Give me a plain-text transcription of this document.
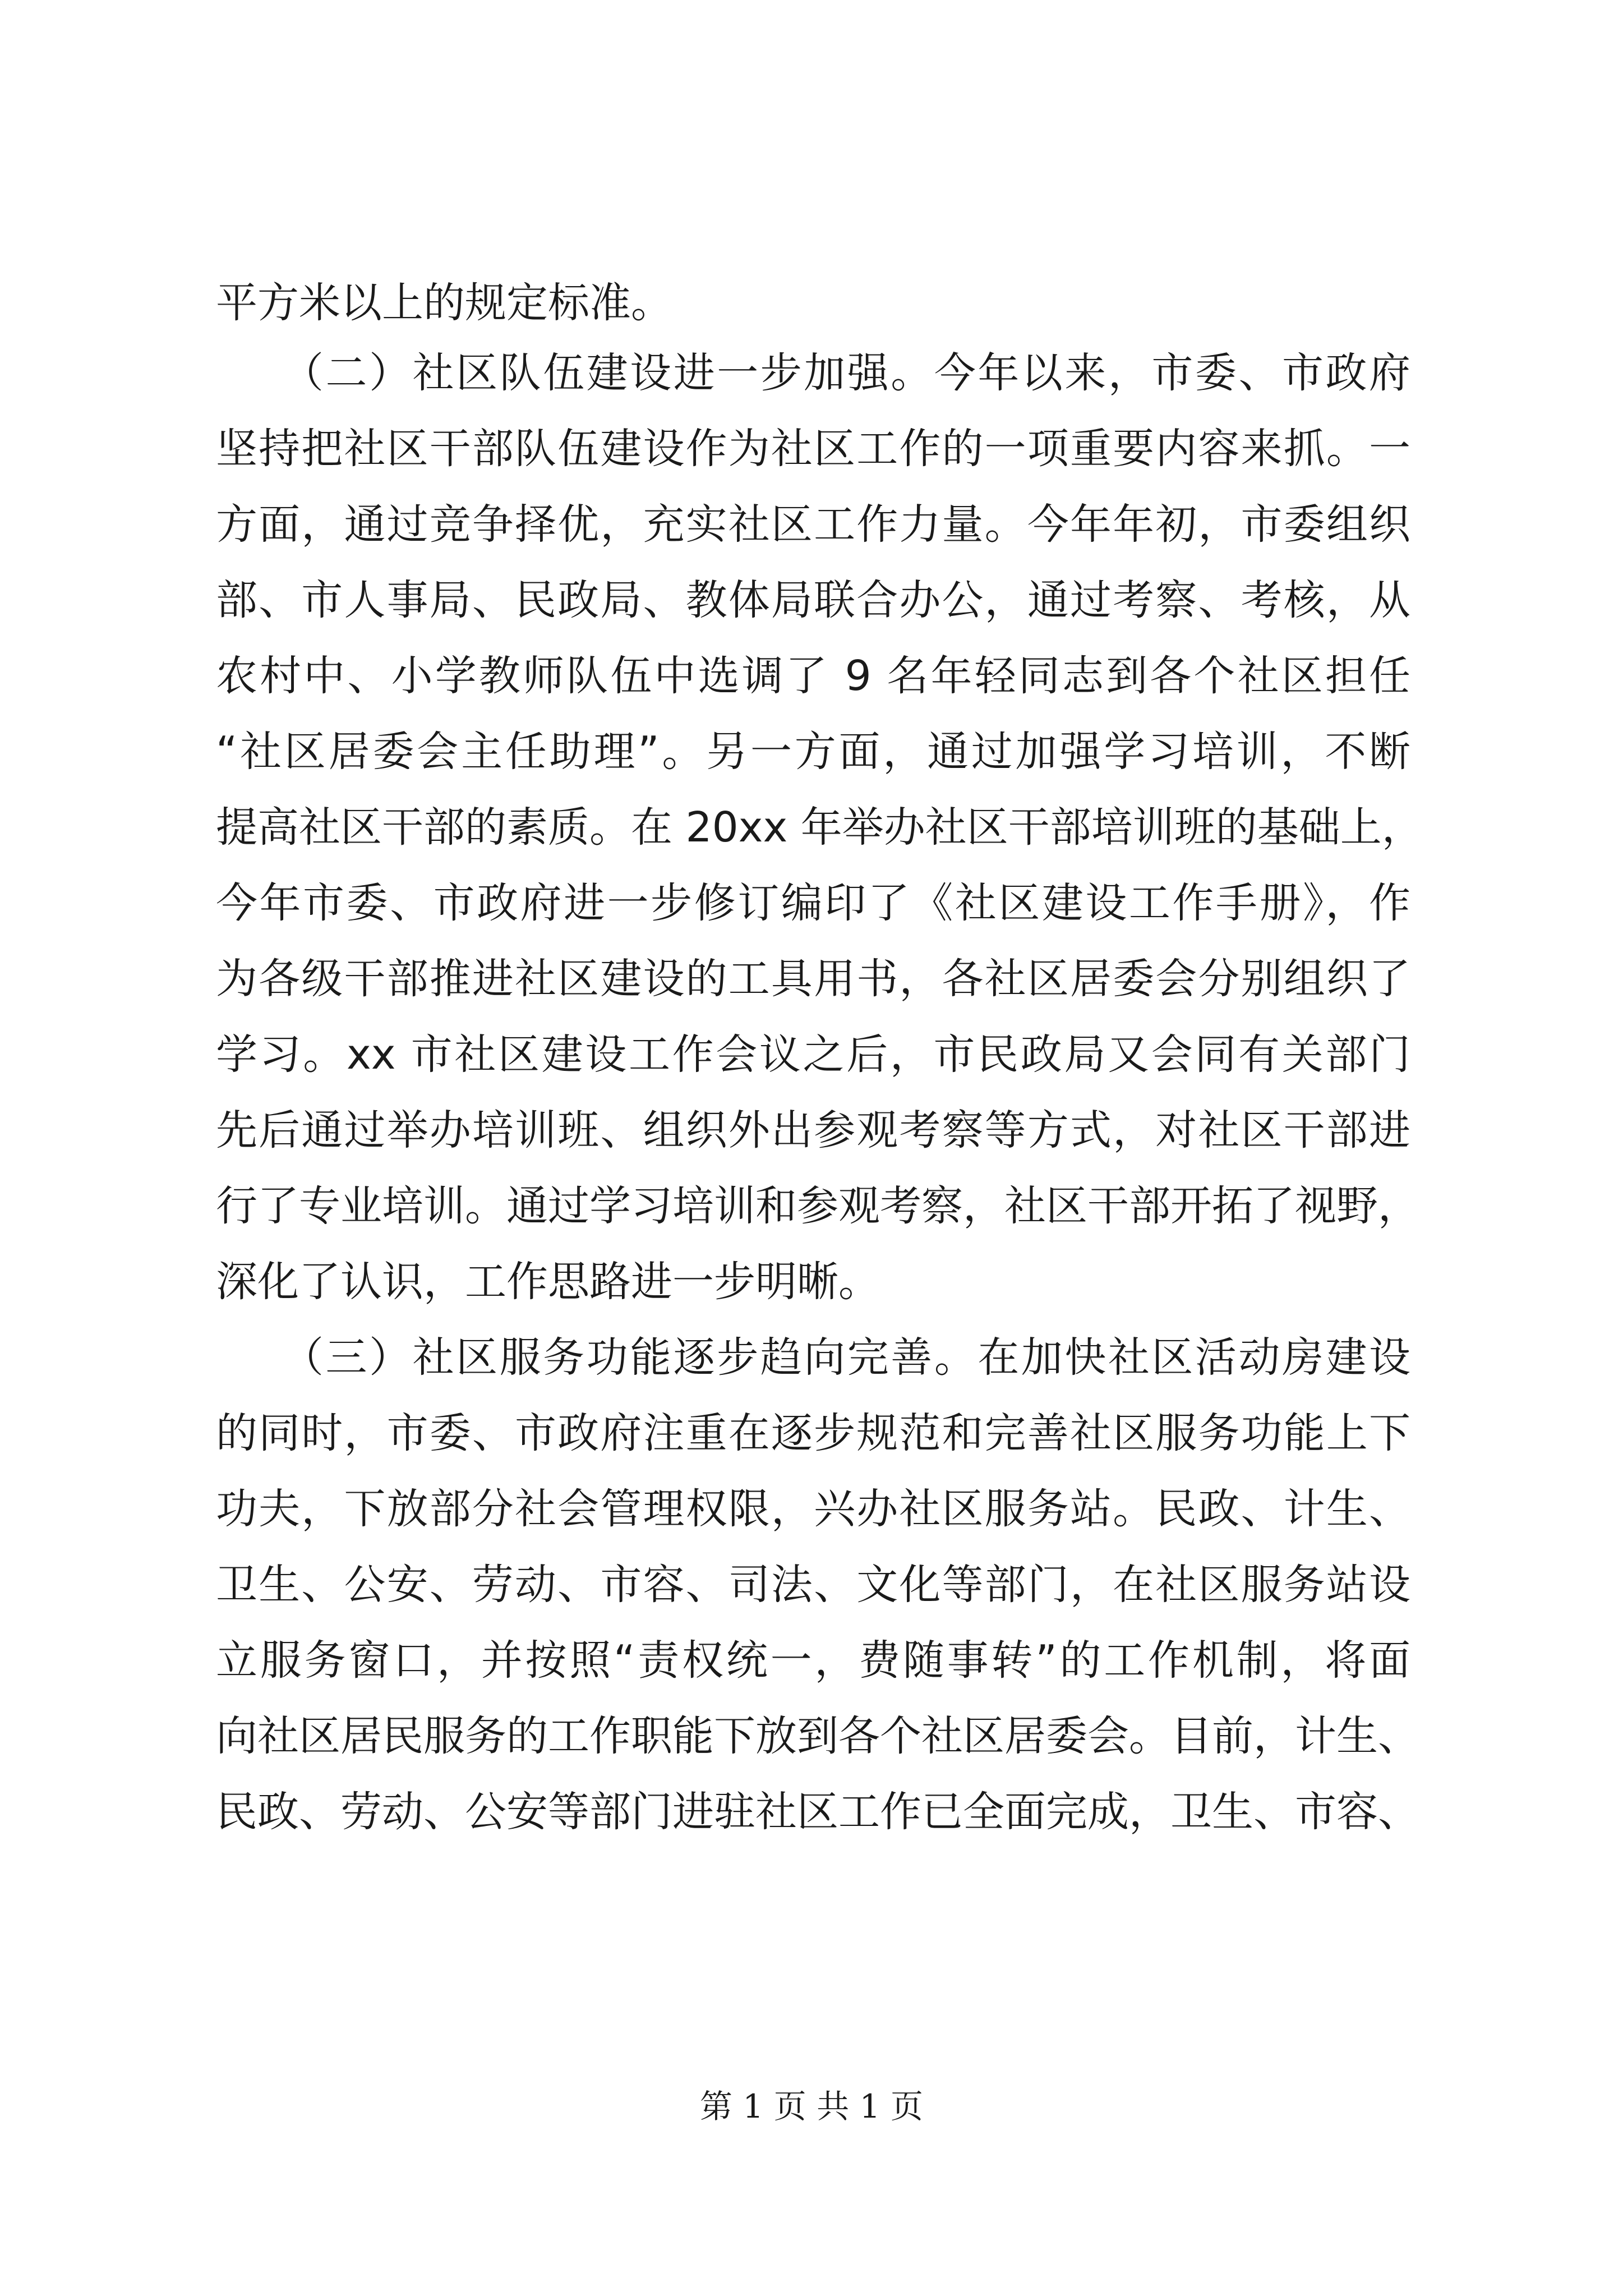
平方米以上的规定标准。
　　（二）社区队伍建设进一步加强。今年以来，市委、市政府
坚持把社区干部队伍建设作为社区工作的一项重要内容来抓。一
方面，通过竞争择优，充实社区工作力量。今年年初，市委组织
部、市人事局、民政局、教体局联合办公，通过考察、考核，从
农村中、小学教师队伍中选调了 9 名年轻同志到各个社区担任
“社区居委会主任助理”。另一方面，通过加强学习培训，不断
提高社区干部的素质。在 20xx 年举办社区干部培训班的基础上，
今年市委、市政府进一步修订编印了《社区建设工作手册》，作
为各级干部推进社区建设的工具用书，各社区居委会分别组织了
学习。xx 市社区建设工作会议之后，市民政局又会同有关部门
先后通过举办培训班、组织外出参观考察等方式，对社区干部进
行了专业培训。通过学习培训和参观考察，社区干部开拓了视野，
深化了认识，工作思路进一步明晰。
　　（三）社区服务功能逐步趋向完善。在加快社区活动房建设
的同时，市委、市政府注重在逐步规范和完善社区服务功能上下
功夫，下放部分社会管理权限，兴办社区服务站。民政、计生、
卫生、公安、劳动、市容、司法、文化等部门，在社区服务站设
立服务窗口，并按照“责权统一，费随事转”的工作机制，将面
向社区居民服务的工作职能下放到各个社区居委会。目前，计生、
民政、劳动、公安等部门进驻社区工作已全面完成，卫生、市容、
第 1 页 共 1 页
